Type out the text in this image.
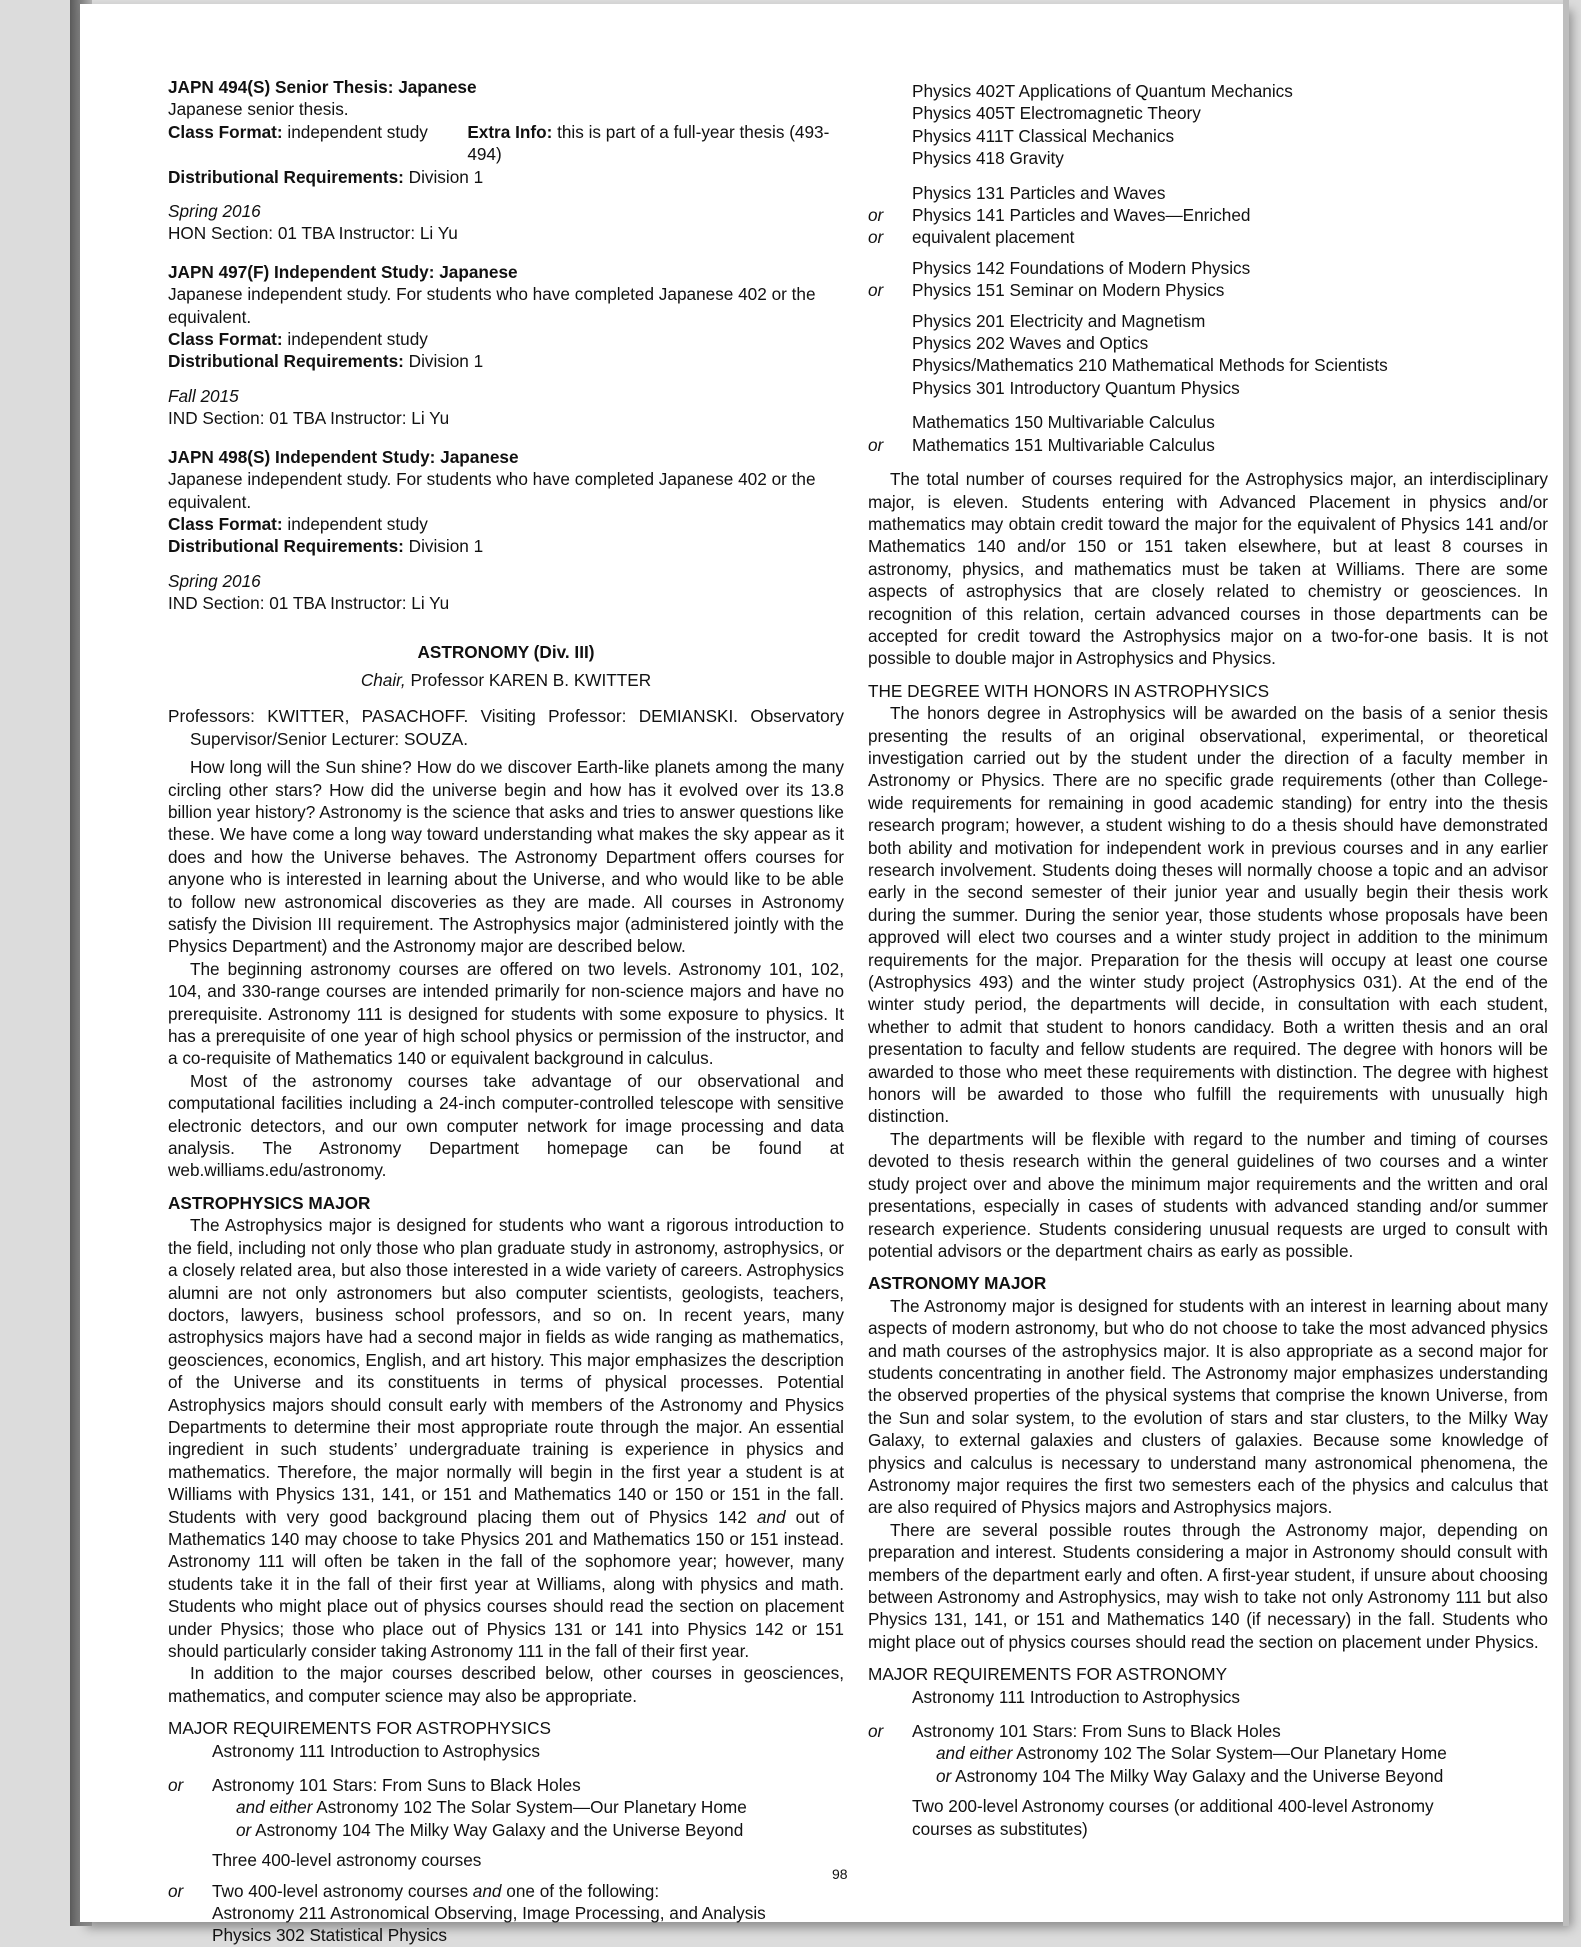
JAPN 494(S) Senior Thesis: Japanese
Japanese senior thesis.
Class Format: independent study	Extra Info: this is part of a full-year thesis (493-494)
Distributional Requirements: Division 1
Spring 2016
HON Section: 01 TBA Instructor: Li Yu
JAPN 497(F) Independent Study: Japanese
Japanese independent study. For students who have completed Japanese 402 or the equivalent.
Class Format: independent study
Distributional Requirements: Division 1
Fall 2015
IND Section: 01 TBA Instructor: Li Yu
JAPN 498(S) Independent Study: Japanese
Japanese independent study. For students who have completed Japanese 402 or the equivalent.
Class Format: independent study
Distributional Requirements: Division 1
Spring 2016
IND Section: 01 TBA Instructor: Li Yu
ASTRONOMY (Div. III)
Chair, Professor KAREN B. KWITTER

Professors: KWITTER, PASACHOFF. Visiting Professor: DEMIANSKI. Observatory Supervisor/Senior Lecturer: SOUZA.

How long will the Sun shine? How do we discover Earth-like planets among the many circling other stars? How did the universe begin and how has it evolved over its 13.8 billion year history? Astronomy is the science that asks and tries to answer questions like these. We have come a long way toward understanding what makes the sky appear as it does and how the Universe behaves. The Astronomy Department offers courses for anyone who is interested in learning about the Universe, and who would like to be able to follow new astronomical discoveries as they are made. All courses in Astronomy satisfy the Division III requirement. The Astrophysics major (administered jointly with the Physics Department) and the Astronomy major are described below.

The beginning astronomy courses are offered on two levels. Astronomy 101, 102, 104, and 330-range courses are intended primarily for non-science majors and have no prerequisite. Astronomy 111 is designed for students with some exposure to physics. It has a prerequisite of one year of high school physics or permission of the instructor, and a co-requisite of Mathematics 140 or equivalent background in calculus.

Most of the astronomy courses take advantage of our observational and computational facilities including a 24-inch computer-controlled telescope with sensitive electronic detectors, and our own computer network for image processing and data analysis. The Astronomy Department homepage can be found at web.williams.edu/astronomy.

ASTROPHYSICS MAJOR

The Astrophysics major is designed for students who want a rigorous introduction to the field, including not only those who plan graduate study in astronomy, astrophysics, or a closely related area, but also those interested in a wide variety of careers. Astrophysics alumni are not only astronomers but also computer scientists, geologists, teachers, doctors, lawyers, business school professors, and so on. In recent years, many astrophysics majors have had a second major in fields as wide ranging as mathematics, geosciences, economics, English, and art history. This major emphasizes the description of the Universe and its constituents in terms of physical processes. Potential Astrophysics majors should consult early with members of the Astronomy and Physics Departments to determine their most appropriate route through the major. An essential ingredient in such students’ undergraduate training is experience in physics and mathematics. Therefore, the major normally will begin in the first year a student is at Williams with Physics 131, 141, or 151 and Mathematics 140 or 150 or 151 in the fall. Students with very good background placing them out of Physics 142 and out of Mathematics 140 may choose to take Physics 201 and Mathematics 150 or 151 instead. Astronomy 111 will often be taken in the fall of the sophomore year; however, many students take it in the fall of their first year at Williams, along with physics and math. Students who might place out of physics courses should read the section on placement under Physics; those who place out of Physics 131 or 141 into Physics 142 or 151 should particularly consider taking Astronomy 111 in the fall of their first year.

In addition to the major courses described below, other courses in geosciences, mathematics, and computer science may also be appropriate.

MAJOR REQUIREMENTS FOR ASTROPHYSICS
Astronomy 111 Introduction to Astrophysics
or Astronomy 101 Stars: From Suns to Black Holes
and either Astronomy 102 The Solar System—Our Planetary Home
or Astronomy 104 The Milky Way Galaxy and the Universe Beyond
Three 400-level astronomy courses
or Two 400-level astronomy courses and one of the following:
Astronomy 211 Astronomical Observing, Image Processing, and Analysis
Physics 302 Statistical Physics
Physics 402T Applications of Quantum Mechanics
Physics 405T Electromagnetic Theory
Physics 411T Classical Mechanics
Physics 418 Gravity
Physics 131 Particles and Waves
or Physics 141 Particles and Waves—Enriched
or equivalent placement
Physics 142 Foundations of Modern Physics
or Physics 151 Seminar on Modern Physics
Physics 201 Electricity and Magnetism
Physics 202 Waves and Optics
Physics/Mathematics 210 Mathematical Methods for Scientists
Physics 301 Introductory Quantum Physics
Mathematics 150 Multivariable Calculus
or Mathematics 151 Multivariable Calculus

The total number of courses required for the Astrophysics major, an interdisciplinary major, is eleven. Students entering with Advanced Placement in physics and/or mathematics may obtain credit toward the major for the equivalent of Physics 141 and/or Mathematics 140 and/or 150 or 151 taken elsewhere, but at least 8 courses in astronomy, physics, and mathematics must be taken at Williams. There are some aspects of astrophysics that are closely related to chemistry or geosciences. In recognition of this relation, certain advanced courses in those departments can be accepted for credit toward the Astrophysics major on a two-for-one basis. It is not possible to double major in Astrophysics and Physics.

THE DEGREE WITH HONORS IN ASTROPHYSICS

The honors degree in Astrophysics will be awarded on the basis of a senior thesis presenting the results of an original observational, experimental, or theoretical investigation carried out by the student under the direction of a faculty member in Astronomy or Physics. There are no specific grade requirements (other than College-wide requirements for remaining in good academic standing) for entry into the thesis research program; however, a student wishing to do a thesis should have demonstrated both ability and motivation for independent work in previous courses and in any earlier research involvement. Students doing theses will normally choose a topic and an advisor early in the second semester of their junior year and usually begin their thesis work during the summer. During the senior year, those students whose proposals have been approved will elect two courses and a winter study project in addition to the minimum requirements for the major. Preparation for the thesis will occupy at least one course (Astrophysics 493) and the winter study project (Astrophysics 031). At the end of the winter study period, the departments will decide, in consultation with each student, whether to admit that student to honors candidacy. Both a written thesis and an oral presentation to faculty and fellow students are required. The degree with honors will be awarded to those who meet these requirements with distinction. The degree with highest honors will be awarded to those who fulfill the requirements with unusually high distinction.

The departments will be flexible with regard to the number and timing of courses devoted to thesis research within the general guidelines of two courses and a winter study project over and above the minimum major requirements and the written and oral presentations, especially in cases of students with advanced standing and/or summer research experience. Students considering unusual requests are urged to consult with potential advisors or the department chairs as early as possible.

ASTRONOMY MAJOR

The Astronomy major is designed for students with an interest in learning about many aspects of modern astronomy, but who do not choose to take the most advanced physics and math courses of the astrophysics major. It is also appropriate as a second major for students concentrating in another field. The Astronomy major emphasizes understanding the observed properties of the physical systems that comprise the known Universe, from the Sun and solar system, to the evolution of stars and star clusters, to the Milky Way Galaxy, to external galaxies and clusters of galaxies. Because some knowledge of physics and calculus is necessary to understand many astronomical phenomena, the Astronomy major requires the first two semesters each of the physics and calculus that are also required of Physics majors and Astrophysics majors.

There are several possible routes through the Astronomy major, depending on preparation and interest. Students considering a major in Astronomy should consult with members of the department early and often. A first-year student, if unsure about choosing between Astronomy and Astrophysics, may wish to take not only Astronomy 111 but also Physics 131, 141, or 151 and Mathematics 140 (if necessary) in the fall. Students who might place out of physics courses should read the section on placement under Physics.

MAJOR REQUIREMENTS FOR ASTRONOMY
Astronomy 111 Introduction to Astrophysics
or Astronomy 101 Stars: From Suns to Black Holes
and either Astronomy 102 The Solar System—Our Planetary Home
or Astronomy 104 The Milky Way Galaxy and the Universe Beyond
Two 200-level Astronomy courses (or additional 400-level Astronomy courses as substitutes)
98
